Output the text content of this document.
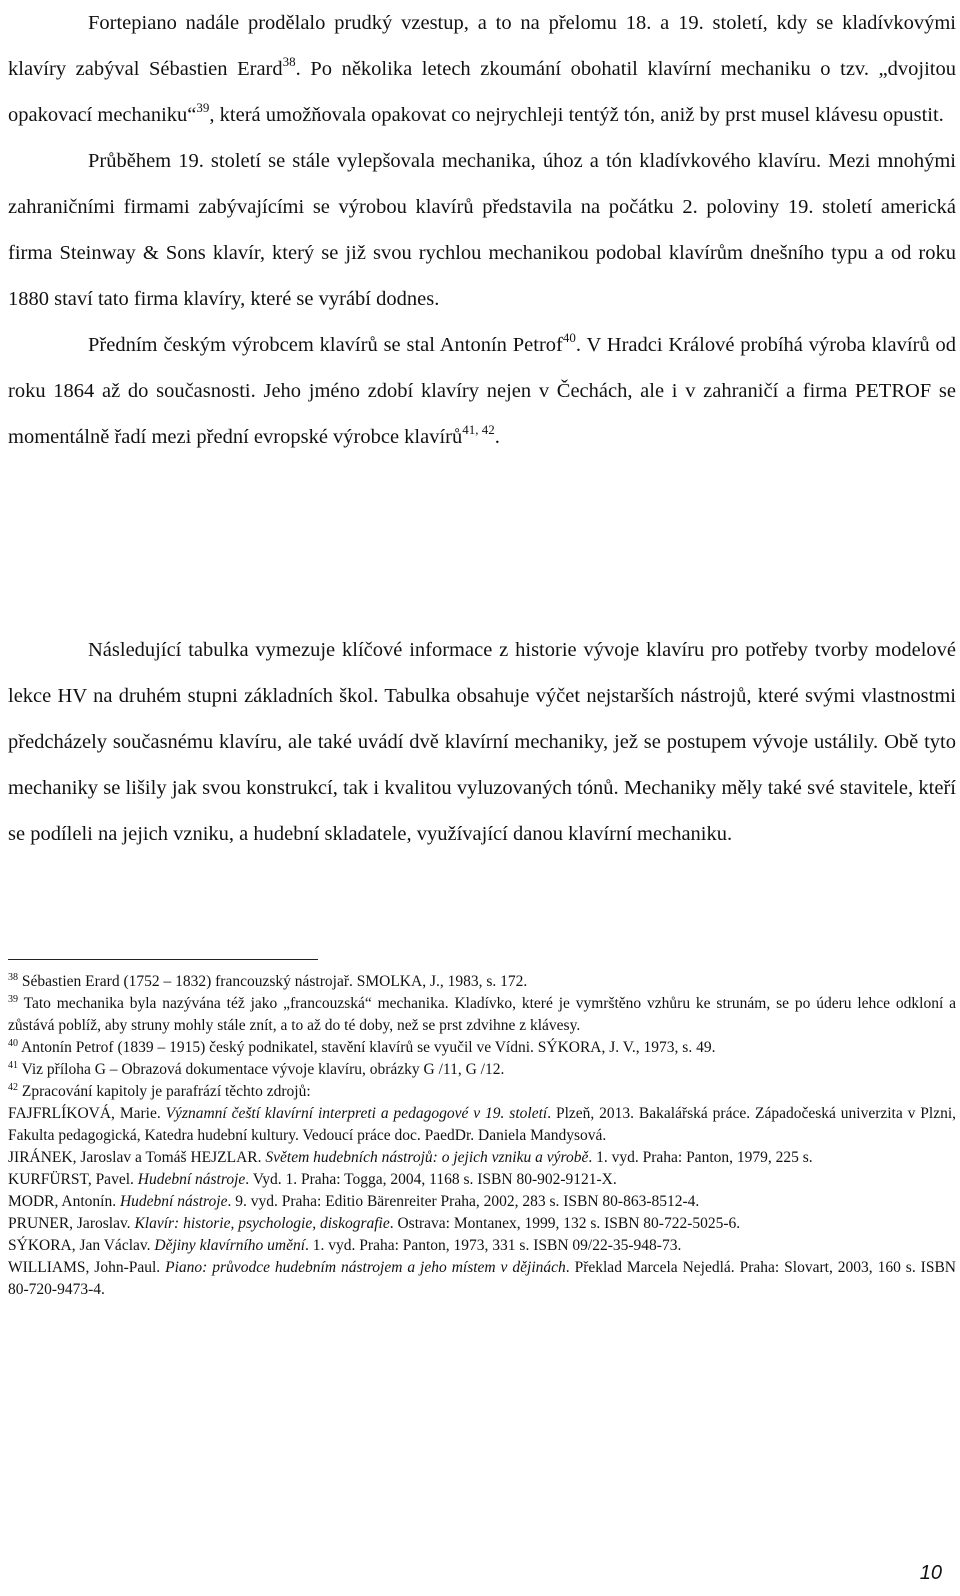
Fortepiano nadále prodělalo prudký vzestup, a to na přelomu 18. a 19. století, kdy se kladívkovými klavíry zabýval Sébastien Erard$^{38}$. Po několika letech zkoumání obohatil klavírní mechaniku o tzv. „dvojitou opakovací mechaniku“$^{39}$, která umožňovala opakovat co nejrychleji tentýž tón, aniž by prst musel klávesu opustit.

Průběhem 19. století se stále vylepšovala mechanika, úhoz a tón kladívkového klavíru. Mezi mnohými zahraničními firmami zabývajícími se výrobou klavírů představila na počátku 2. poloviny 19. století americká firma Steinway & Sons klavír, který se již svou rychlou mechanikou podobal klavírům dnešního typu a od roku 1880 staví tato firma klavíry, které se vyrábí dodnes.

Předním českým výrobcem klavírů se stal Antonín Petrof$^{40}$. V Hradci Králové probíhá výroba klavírů od roku 1864 až do současnosti. Jeho jméno zdobí klavíry nejen v Čechách, ale i v zahraničí a firma PETROF se momentálně řadí mezi přední evropské výrobce klavírů$^{41, 42}$.

Následující tabulka vymezuje klíčové informace z historie vývoje klavíru pro potřeby tvorby modelové lekce HV na druhém stupni základních škol. Tabulka obsahuje výčet nejstarších nástrojů, které svými vlastnostmi předcházely současnému klavíru, ale také uvádí dvě klavírní mechaniky, jež se postupem vývoje ustálily. Obě tyto mechaniky se lišily jak svou konstrukcí, tak i kvalitou vyluzovaných tónů. Mechaniky měly také své stavitele, kteří se podíleli na jejich vzniku, a hudební skladatele, využívající danou klavírní mechaniku.

$^{38}$ Sébastien Erard (1752 – 1832) francouzský nástrojař. SMOLKA, J., 1983, s. 172.

$^{39}$ Tato mechanika byla nazývána též jako „francouzská“ mechanika. Kladívko, které je vymrštěno vzhůru ke strunám, se po úderu lehce odkloní a zůstává poblíž, aby struny mohly stále znít, a to až do té doby, než se prst zdvihne z klávesy.

$^{40}$ Antonín Petrof (1839 – 1915) český podnikatel, stavění klavírů se vyučil ve Vídni. SÝKORA, J. V., 1973, s. 49.

$^{41}$ Viz příloha G – Obrazová dokumentace vývoje klavíru, obrázky G /11, G /12.

$^{42}$ Zpracování kapitoly je parafrází těchto zdrojů:

FAJFRLÍKOVÁ, Marie. Významní čeští klavírní interpreti a pedagogové v 19. století. Plzeň, 2013. Bakalářská práce. Západočeská univerzita v Plzni, Fakulta pedagogická, Katedra hudební kultury. Vedoucí práce doc. PaedDr. Daniela Mandysová.

JIRÁNEK, Jaroslav a Tomáš HEJZLAR. Světem hudebních nástrojů: o jejich vzniku a výrobě. 1. vyd. Praha: Panton, 1979, 225 s.

KURFÜRST, Pavel. Hudební nástroje. Vyd. 1. Praha: Togga, 2004, 1168 s. ISBN 80-902-9121-X.

MODR, Antonín. Hudební nástroje. 9. vyd. Praha: Editio Bärenreiter Praha, 2002, 283 s. ISBN 80-863-8512-4.

PRUNER, Jaroslav. Klavír: historie, psychologie, diskografie. Ostrava: Montanex, 1999, 132 s. ISBN 80-722-5025-6.

SÝKORA, Jan Václav. Dějiny klavírního umění. 1. vyd. Praha: Panton, 1973, 331 s. ISBN 09/22-35-948-73.

WILLIAMS, John-Paul. Piano: průvodce hudebním nástrojem a jeho místem v dějinách. Překlad Marcela Nejedlá. Praha: Slovart, 2003, 160 s. ISBN 80-720-9473-4.

10
